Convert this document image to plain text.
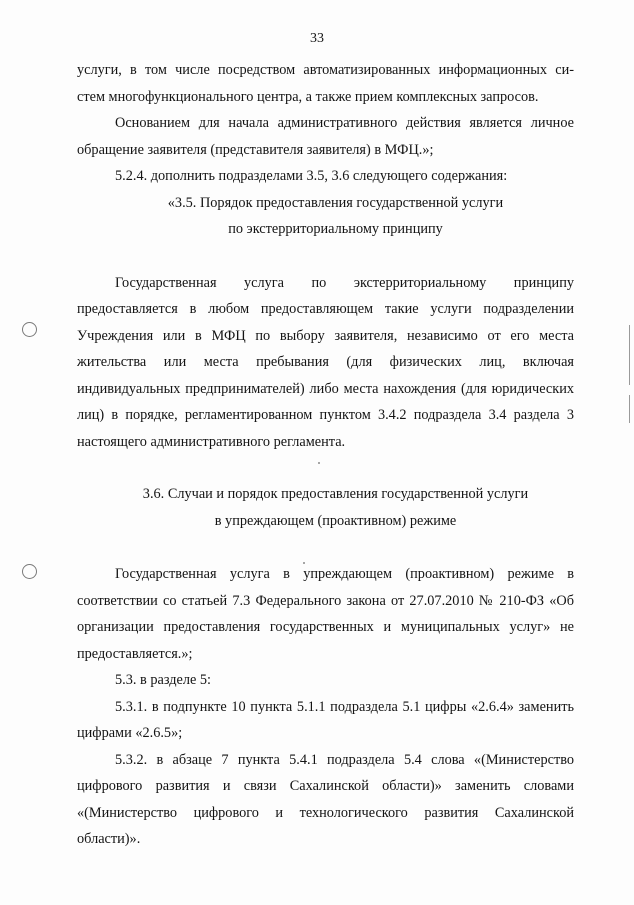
33

услуги, в том числе посредством автоматизированных информационных си-

стем многофункционального центра, а также прием комплексных запросов.

Основанием для начала административного действия является личное

обращение заявителя (представителя заявителя) в МФЦ.»;

5.2.4. дополнить подразделами 3.5, 3.6 следующего содержания:

«3.5. Порядок предоставления государственной услуги

по экстерриториальному принципу

Государственная услуга по экстерриториальному принципу предоставляется в любом предоставляющем такие услуги подразделении Учреждения или в МФЦ по выбору заявителя, независимо от его места жительства или места пребывания (для физических лиц, включая индивидуальных предпринимателей) либо места нахождения (для юридических лиц) в порядке, регламентированном пунктом 3.4.2 подраздела 3.4 раздела 3 настоящего административного регламента.

3.6. Случаи и порядок предоставления государственной услуги

в упреждающем (проактивном) режиме

Государственная услуга в упреждающем (проактивном) режиме в соответствии со статьей 7.3 Федерального закона от 27.07.2010 № 210-ФЗ «Об организации предоставления государственных и муниципальных услуг» не предоставляется.»;

5.3. в разделе 5:

5.3.1. в подпункте 10 пункта 5.1.1 подраздела 5.1 цифры «2.6.4» заменить цифрами «2.6.5»;

5.3.2. в абзаце 7 пункта 5.4.1 подраздела 5.4 слова «(Министерство цифрового развития и связи Сахалинской области)» заменить словами «(Министерство цифрового и технологического развития Сахалинской области)».
